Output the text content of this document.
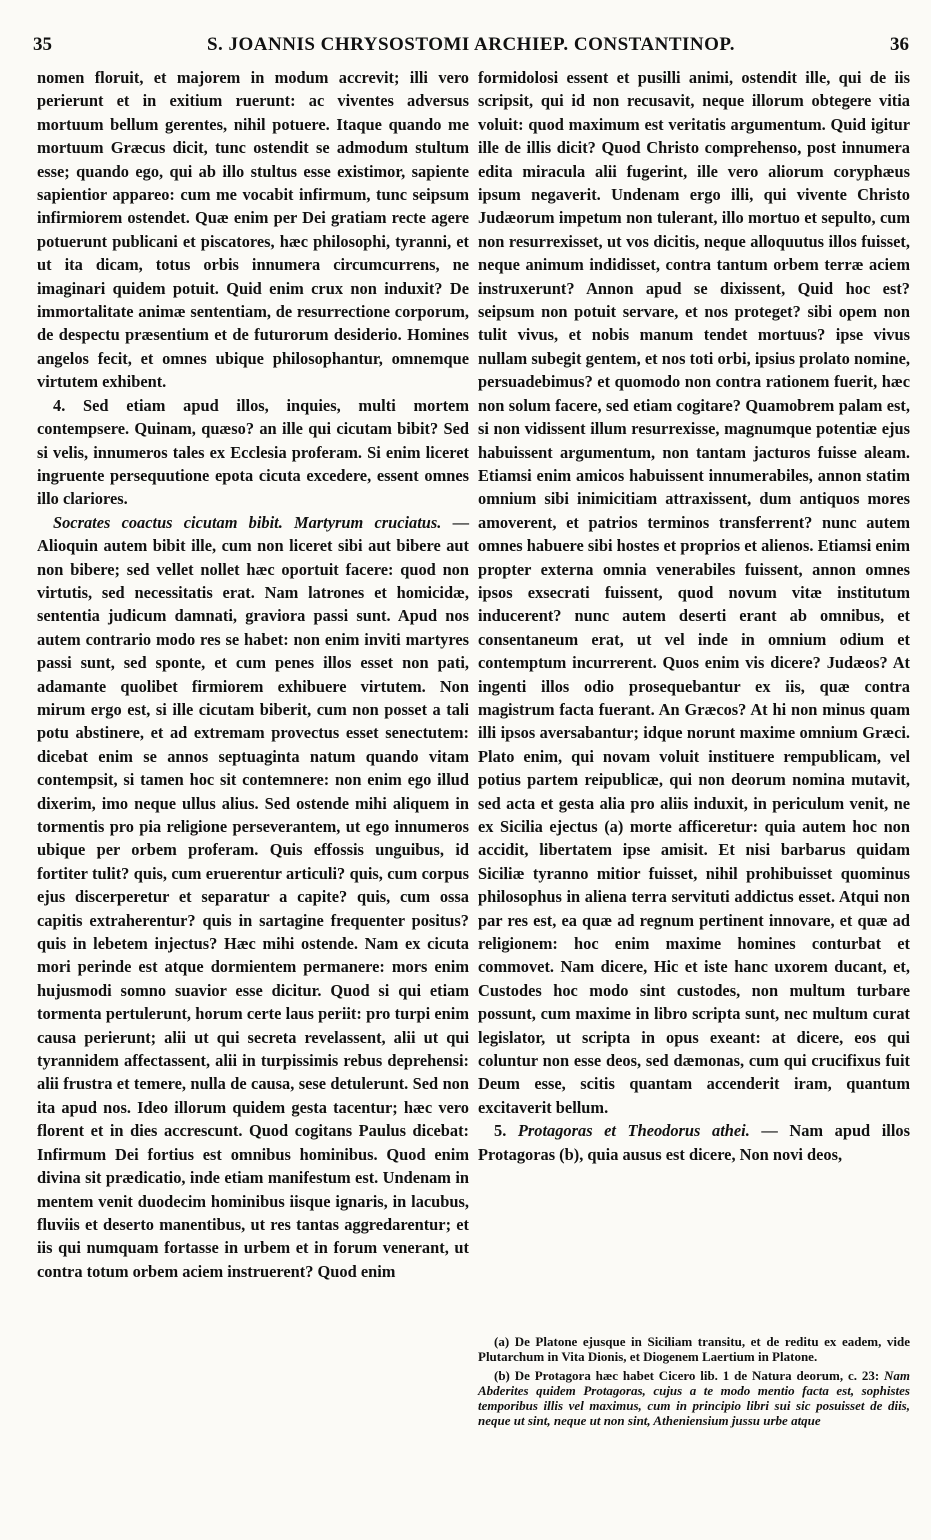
35	S. JOANNIS CHRYSOSTOMI ARCHIEP. CONSTANTINOP.	36

nomen floruit, et majorem in modum accrevit; illi vero perierunt et in exitium ruerunt: ac viventes adversus mortuum bellum gerentes, nihil potuere. Itaque quando me mortuum Græcus dicit, tunc ostendit se admodum stultum esse; quando ego, qui ab illo stultus esse existimor, sapiente sapientior appareo: cum me vocabit infirmum, tunc seipsum infirmiorem ostendet. Quæ enim per Dei gratiam recte agere potuerunt publicani et piscatores, hæc philosophi, tyranni, et ut ita dicam, totus orbis innumera circumcurrens, ne imaginari quidem potuit. Quid enim crux non induxit? De immortalitate animæ sententiam, de resurrectione corporum, de despectu præsentium et de futurorum desiderio. Homines angelos fecit, et omnes ubique philosophantur, omnemque virtutem exhibent.

4. Sed etiam apud illos, inquies, multi mortem contempsere. Quinam, quæso? an ille qui cicutam bibit? Sed si velis, innumeros tales ex Ecclesia proferam. Si enim liceret ingruente persequutione epota cicuta excedere, essent omnes illo clariores.

Socrates coactus cicutam bibit. Martyrum cruciatus. — Alioquin autem bibit ille, cum non liceret sibi aut bibere aut non bibere; sed vellet nollet hæc oportuit facere: quod non virtutis, sed necessitatis erat. Nam latrones et homicidæ, sententia judicum damnati, graviora passi sunt. Apud nos autem contrario modo res se habet: non enim inviti martyres passi sunt, sed sponte, et cum penes illos esset non pati, adamante quolibet firmiorem exhibuere virtutem. Non mirum ergo est, si ille cicutam biberit, cum non posset a tali potu abstinere, et ad extremam provectus esset senectutem: dicebat enim se annos septuaginta natum quando vitam contempsit, si tamen hoc sit contemnere: non enim ego illud dixerim, imo neque ullus alius. Sed ostende mihi aliquem in tormentis pro pia religione perseverantem, ut ego innumeros ubique per orbem proferam. Quis effossis unguibus, id fortiter tulit? quis, cum eruerentur articuli? quis, cum corpus ejus discerperetur et separatur a capite? quis, cum ossa capitis extraherentur? quis in sartagine frequenter positus? quis in lebetem injectus? Hæc mihi ostende. Nam ex cicuta mori perinde est atque dormientem permanere: mors enim hujusmodi somno suavior esse dicitur. Quod si qui etiam tormenta pertulerunt, horum certe laus periit: pro turpi enim causa perierunt; alii ut qui secreta revelassent, alii ut qui tyrannidem affectassent, alii in turpissimis rebus deprehensi: alii frustra et temere, nulla de causa, sese detulerunt. Sed non ita apud nos. Ideo illorum quidem gesta tacentur; hæc vero florent et in dies accrescunt. Quod cogitans Paulus dicebat: Infirmum Dei fortius est omnibus hominibus. Quod enim divina sit prædicatio, inde etiam manifestum est. Undenam in mentem venit duodecim hominibus iisque ignaris, in lacubus, fluviis et deserto manentibus, ut res tantas aggredarentur; et iis qui numquam fortasse in urbem et in forum venerant, ut contra totum orbem aciem instruerent? Quod enim

formidolosi essent et pusilli animi, ostendit ille, qui de iis scripsit, qui id non recusavit, neque illorum obtegere vitia voluit: quod maximum est veritatis argumentum. Quid igitur ille de illis dicit? Quod Christo comprehenso, post innumera edita miracula alii fugerint, ille vero aliorum coryphæus ipsum negaverit. Undenam ergo illi, qui vivente Christo Judæorum impetum non tulerant, illo mortuo et sepulto, cum non resurrexisset, ut vos dicitis, neque alloquutus illos fuisset, neque animum indidisset, contra tantum orbem terræ aciem instruxerunt? Annon apud se dixissent, Quid hoc est? seipsum non potuit servare, et nos proteget? sibi opem non tulit vivus, et nobis manum tendet mortuus? ipse vivus nullam subegit gentem, et nos toti orbi, ipsius prolato nomine, persuadebimus? et quomodo non contra rationem fuerit, hæc non solum facere, sed etiam cogitare? Quamobrem palam est, si non vidissent illum resurrexisse, magnumque potentiæ ejus habuissent argumentum, non tantam jacturos fuisse aleam. Etiamsi enim amicos habuissent innumerabiles, annon statim omnium sibi inimicitiam attraxissent, dum antiquos mores amoverent, et patrios terminos transferrent? nunc autem omnes habuere sibi hostes et proprios et alienos. Etiamsi enim propter externa omnia venerabiles fuissent, annon omnes ipsos exsecrati fuissent, quod novum vitæ institutum inducerent? nunc autem deserti erant ab omnibus, et consentaneum erat, ut vel inde in omnium odium et contemptum incurrerent. Quos enim vis dicere? Judæos? At ingenti illos odio prosequebantur ex iis, quæ contra magistrum facta fuerant. An Græcos? At hi non minus quam illi ipsos aversabantur; idque norunt maxime omnium Græci. Plato enim, qui novam voluit instituere rempublicam, vel potius partem reipublicæ, qui non deorum nomina mutavit, sed acta et gesta alia pro aliis induxit, in periculum venit, ne ex Sicilia ejectus (a) morte afficeretur: quia autem hoc non accidit, libertatem ipse amisit. Et nisi barbarus quidam Siciliæ tyranno mitior fuisset, nihil prohibuisset quominus philosophus in aliena terra servituti addictus esset. Atqui non par res est, ea quæ ad regnum pertinent innovare, et quæ ad religionem: hoc enim maxime homines conturbat et commovet. Nam dicere, Hic et iste hanc uxorem ducant, et, Custodes hoc modo sint custodes, non multum turbare possunt, cum maxime in libro scripta sunt, nec multum curat legislator, ut scripta in opus exeant: at dicere, eos qui coluntur non esse deos, sed dæmonas, cum qui crucifixus fuit Deum esse, scitis quantam accenderit iram, quantum excitaverit bellum.

5. Protagoras et Theodorus athei. — Nam apud illos Protagoras (b), quia ausus est dicere, Non novi deos,

(a) De Platone ejusque in Siciliam transitu, et de reditu ex eadem, vide Plutarchum in Vita Dionis, et Diogenem Laertium in Platone.

(b) De Protagora hæc habet Cicero lib. 1 de Natura deorum, c. 23: Nam Abderites quidem Protagoras, cujus a te modo mentio facta est, sophistes temporibus illis vel maximus, cum in principio libri sui sic posuisset de diis, neque ut sint, neque ut non sint, Atheniensium jussu urbe atque
